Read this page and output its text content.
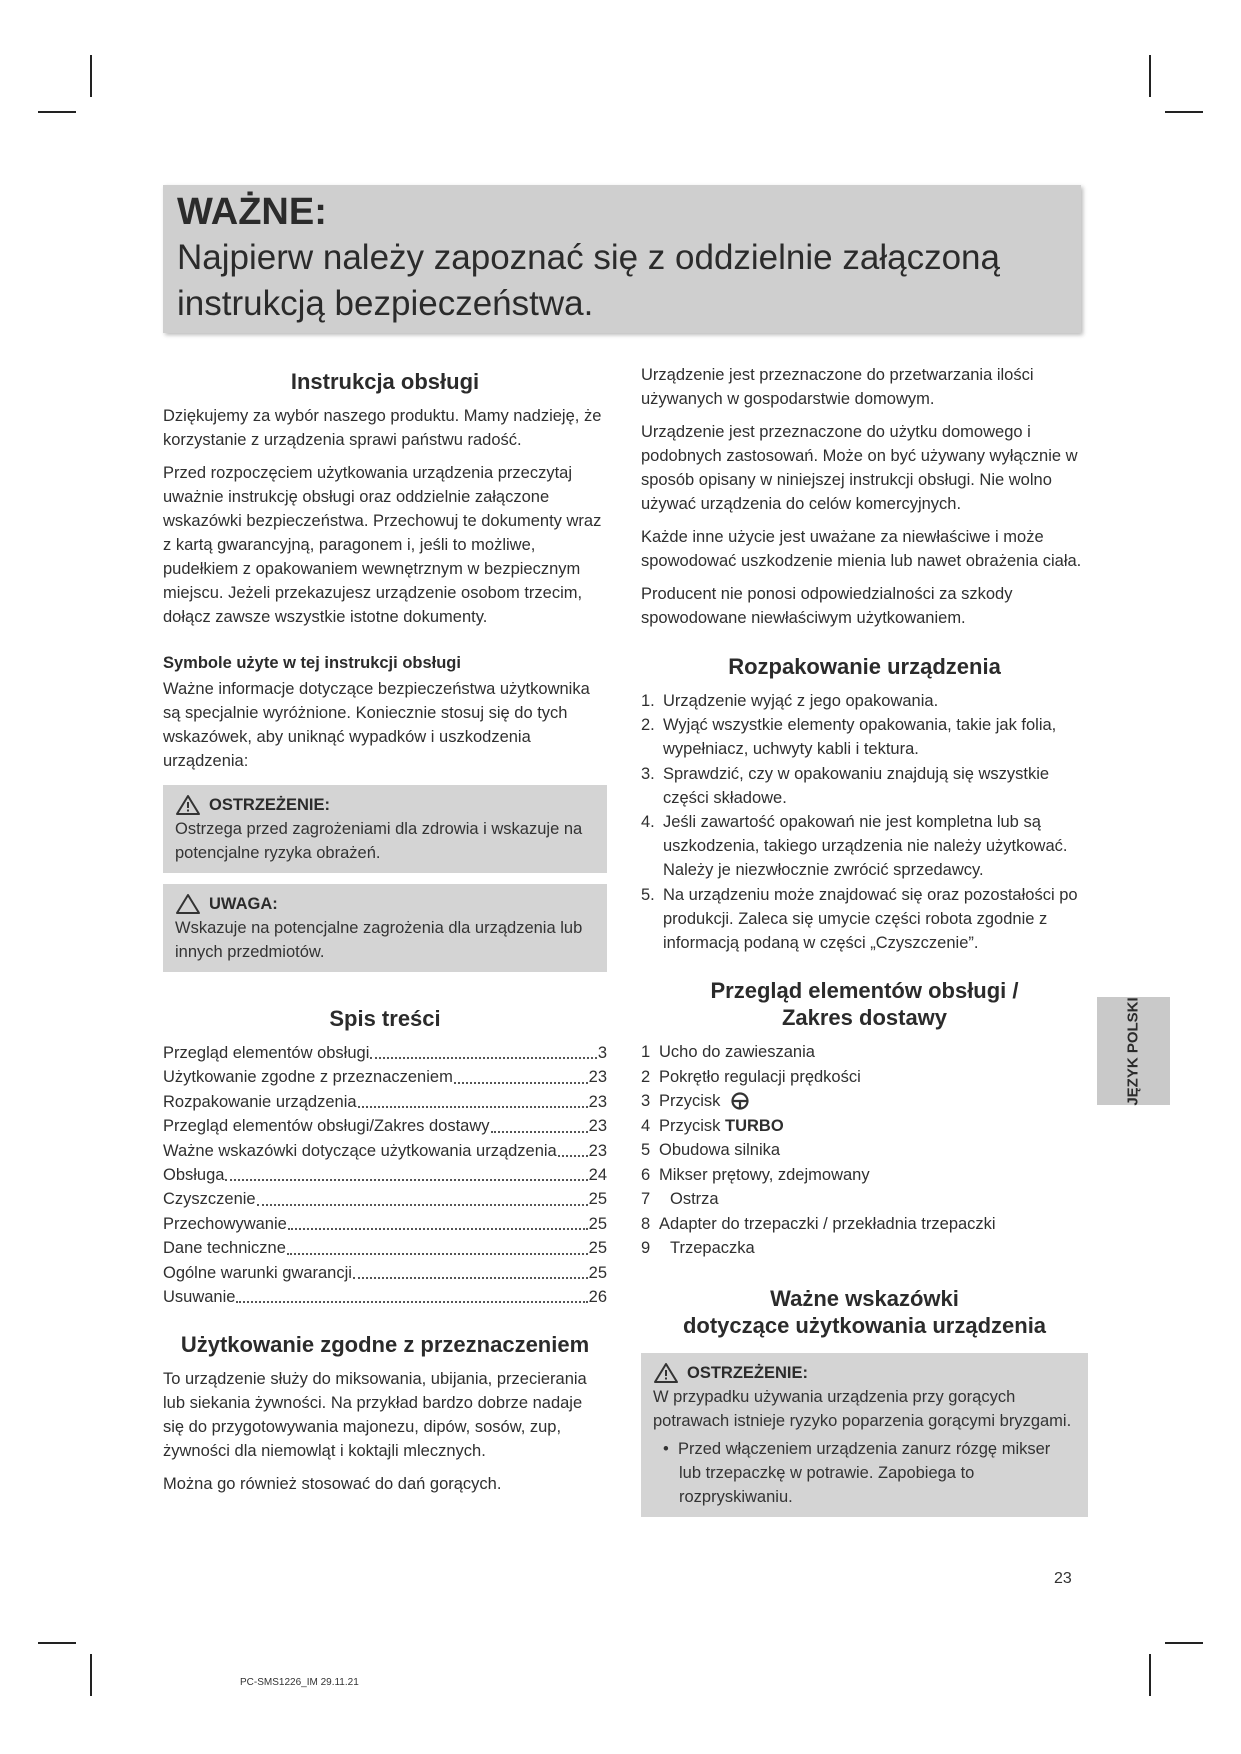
WAŻNE:

Najpierw należy zapoznać się z oddzielnie załączoną instrukcją bezpieczeństwa.

Instrukcja obsługi

Dziękujemy za wybór naszego produktu. Mamy nadzieję, że korzystanie z urządzenia sprawi państwu radość.

Przed rozpoczęciem użytkowania urządzenia przeczytaj uważnie instrukcję obsługi oraz oddzielnie załączone wskazówki bezpieczeństwa. Przechowuj te dokumenty wraz z kartą gwarancyjną, paragonem i, jeśli to możliwe, pudełkiem z opakowaniem wewnętrznym w bezpiecznym miejscu. Jeżeli przekazujesz urządzenie osobom trzecim, dołącz zawsze wszystkie istotne dokumenty.

Symbole użyte w tej instrukcji obsługi

Ważne informacje dotyczące bezpieczeństwa użytkownika są specjalnie wyróżnione. Koniecznie stosuj się do tych wskazówek, aby uniknąć wypadków i uszkodzenia urządzenia:

OSTRZEŻENIE:
Ostrzega przed zagrożeniami dla zdrowia i wskazuje na potencjalne ryzyka obrażeń.
UWAGA:
Wskazuje na potencjalne zagrożenia dla urządzenia lub innych przedmiotów.
Spis treści
Przegląd elementów obsługi	3
Użytkowanie zgodne z przeznaczeniem	23
Rozpakowanie urządzenia	23
Przegląd elementów obsługi/Zakres dostawy	23
Ważne wskazówki dotyczące użytkowania urządzenia 23
Obsługa	24
Czyszczenie	25
Przechowywanie	25
Dane techniczne	25
Ogólne warunki gwarancji	25
Usuwanie	26
Użytkowanie zgodne z przeznaczeniem

To urządzenie służy do miksowania, ubijania, przecierania lub siekania żywności. Na przykład bardzo dobrze nadaje się do przygotowywania majonezu, dipów, sosów, zup, żywności dla niemowląt i koktajli mlecznych.

Można go również stosować do dań gorących.

Urządzenie jest przeznaczone do przetwarzania ilości używanych w gospodarstwie domowym.

Urządzenie jest przeznaczone do użytku domowego i podobnych zastosowań. Może on być używany wyłącznie w sposób opisany w niniejszej instrukcji obsługi. Nie wolno używać urządzenia do celów komercyjnych.

Każde inne użycie jest uważane za niewłaściwe i może spowodować uszkodzenie mienia lub nawet obrażenia ciała.

Producent nie ponosi odpowiedzialności za szkody spowodowane niewłaściwym użytkowaniem.

Rozpakowanie urządzenia
1. Urządzenie wyjąć z jego opakowania.
2. Wyjąć wszystkie elementy opakowania, takie jak folia, wypełniacz, uchwyty kabli i tektura.
3. Sprawdzić, czy w opakowaniu znajdują się wszystkie części składowe.
4. Jeśli zawartość opakowań nie jest kompletna lub są uszkodzenia, takiego urządzenia nie należy użytkować. Należy je niezwłocznie zwrócić sprzedawcy.
5. Na urządzeniu może znajdować się oraz pozostałości po produkcji. Zaleca się umycie części robota zgodnie z informacją podaną w części „Czyszczenie”.
Przegląd elementów obsługi /
Zakres dostawy
1 Ucho do zawieszania
2 Pokrętło regulacji prędkości
3 Przycisk
4 Przycisk
TURBO
5 Obudowa silnika
6 Mikser prętowy, zdejmowany
7	Ostrza
8 Adapter do trzepaczki / przekładnia trzepaczki
9	Trzepaczka
Ważne wskazówki
dotyczące użytkowania urządzenia
OSTRZEŻENIE:
W przypadku używania urządzenia przy gorących potrawach istnieje ryzyko poparzenia gorącymi bryzgami.
•  Przed włączeniem urządzenia zanurz rózgę mikser lub trzepaczkę w potrawie. Zapobiega to rozpryskiwaniu.
JĘZYK POLSKI
23
PC-SMS1226_IM 29.11.21
